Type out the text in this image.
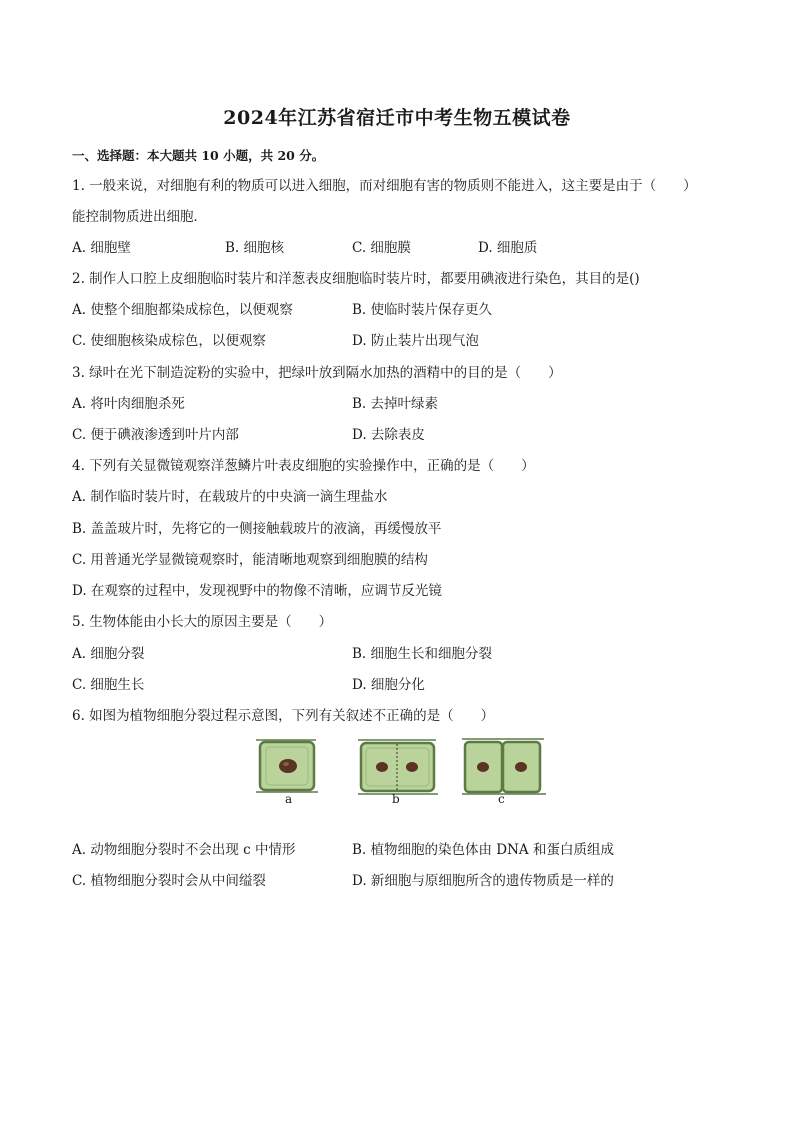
2024年江苏省宿迁市中考生物五模试卷
一、选择题：本大题共 10 小题，共 20 分。
1. 一般来说，对细胞有利的物质可以进入细胞，而对细胞有害的物质则不能进入，这主要是由于（　　）
能控制物质进出细胞．
A. 细胞壁	B. 细胞核	C. 细胞膜	D. 细胞质
2. 制作人口腔上皮细胞临时装片和洋葱表皮细胞临时装片时，都要用碘液进行染色，其目的是()
A. 使整个细胞都染成棕色，以便观察	B. 使临时装片保存更久
C. 使细胞核染成棕色，以便观察	D. 防止装片出现气泡
3. 绿叶在光下制造淀粉的实验中，把绿叶放到隔水加热的酒精中的目的是（　　）
A. 将叶肉细胞杀死	B. 去掉叶绿素
C. 便于碘液渗透到叶片内部	D. 去除表皮
4. 下列有关显微镜观察洋葱鳞片叶表皮细胞的实验操作中，正确的是（　　）
A. 制作临时装片时，在载玻片的中央滴一滴生理盐水
B. 盖盖玻片时，先将它的一侧接触载玻片的液滴，再缓慢放平
C. 用普通光学显微镜观察时，能清晰地观察到细胞膜的结构
D. 在观察的过程中，发现视野中的物像不清晰，应调节反光镜
5. 生物体能由小长大的原因主要是（　　）
A. 细胞分裂	B. 细胞生长和细胞分裂
C. 细胞生长	D. 细胞分化
6. 如图为植物细胞分裂过程示意图，下列有关叙述不正确的是（　　）
a	b	c
A. 动物细胞分裂时不会出现 c 中情形	B. 植物细胞的染色体由 DNA 和蛋白质组成
C. 植物细胞分裂时会从中间缢裂	D. 新细胞与原细胞所含的遗传物质是一样的
